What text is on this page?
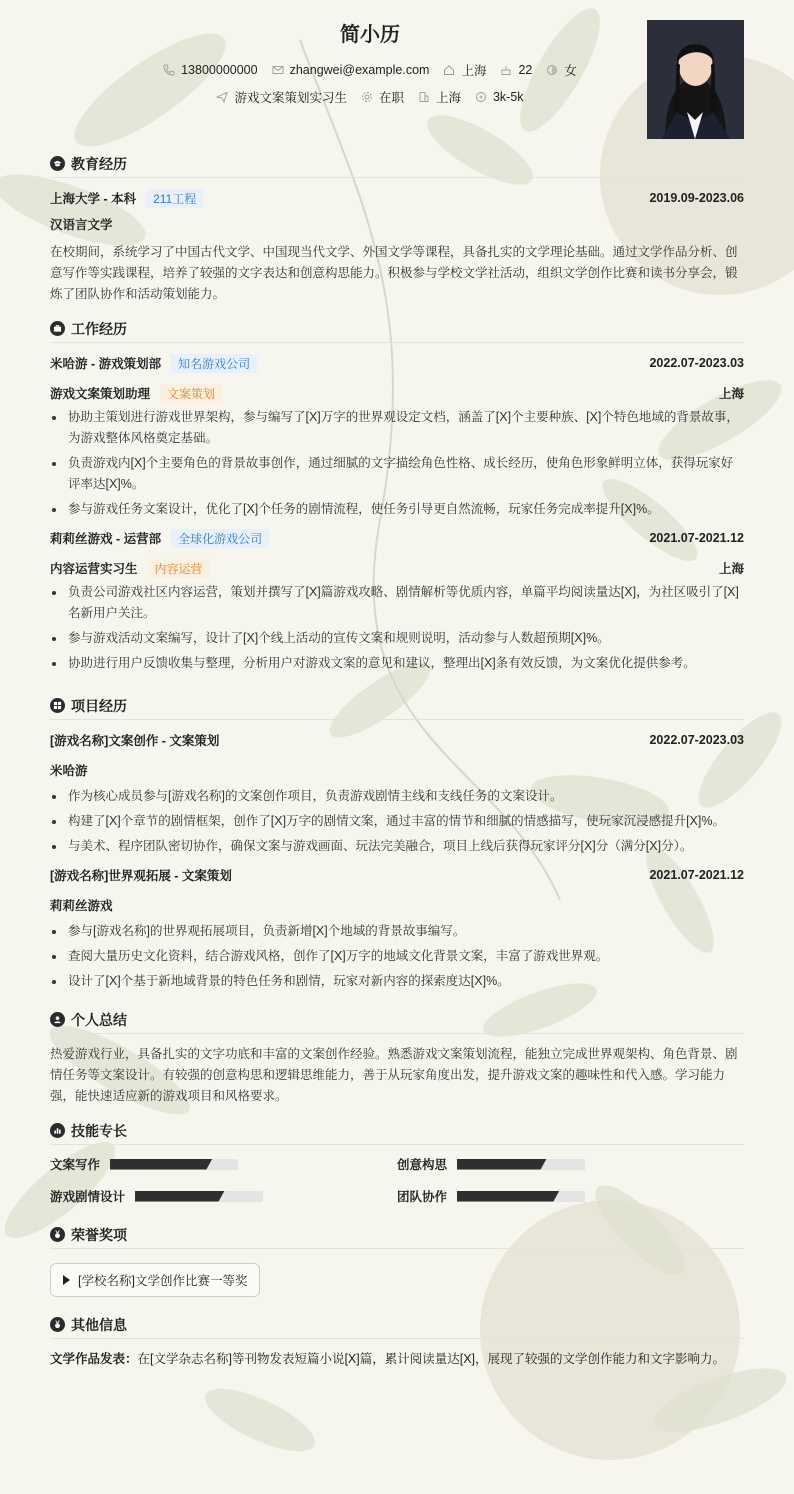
简小历
13800000000	zhangwei@example.com	上海	22	女
游戏文案策划实习生	在职	上海	3k-5k
教育经历
上海大学 - 本科	211工程	2019.09-2023.06
汉语言文学
在校期间，系统学习了中国古代文学、中国现当代文学、外国文学等课程，具备扎实的文学理论基础。通过文学作品分析、创意写作等实践课程，培养了较强的文字表达和创意构思能力。积极参与学校文学社活动，组织文学创作比赛和读书分享会，锻炼了团队协作和活动策划能力。
工作经历
米哈游 - 游戏策划部	知名游戏公司	2022.07-2023.03
游戏文案策划助理	文案策划	上海
协助主策划进行游戏世界架构，参与编写了[X]万字的世界观设定文档，涵盖了[X]个主要种族、[X]个特色地域的背景故事，为游戏整体风格奠定基础。
负责游戏内[X]个主要角色的背景故事创作，通过细腻的文字描绘角色性格、成长经历，使角色形象鲜明立体，获得玩家好评率达[X]%。
参与游戏任务文案设计，优化了[X]个任务的剧情流程，使任务引导更自然流畅，玩家任务完成率提升[X]%。
莉莉丝游戏 - 运营部	全球化游戏公司	2021.07-2021.12
内容运营实习生	内容运营	上海
负责公司游戏社区内容运营，策划并撰写了[X]篇游戏攻略、剧情解析等优质内容，单篇平均阅读量达[X]，为社区吸引了[X]名新用户关注。
参与游戏活动文案编写，设计了[X]个线上活动的宣传文案和规则说明，活动参与人数超预期[X]%。
协助进行用户反馈收集与整理，分析用户对游戏文案的意见和建议，整理出[X]条有效反馈，为文案优化提供参考。
项目经历
[游戏名称]文案创作 - 文案策划	2022.07-2023.03
米哈游
作为核心成员参与[游戏名称]的文案创作项目，负责游戏剧情主线和支线任务的文案设计。
构建了[X]个章节的剧情框架，创作了[X]万字的剧情文案，通过丰富的情节和细腻的情感描写，使玩家沉浸感提升[X]%。
与美术、程序团队密切协作，确保文案与游戏画面、玩法完美融合，项目上线后获得玩家评分[X]分（满分[X]分）。
[游戏名称]世界观拓展 - 文案策划	2021.07-2021.12
莉莉丝游戏
参与[游戏名称]的世界观拓展项目，负责新增[X]个地域的背景故事编写。
查阅大量历史文化资料，结合游戏风格，创作了[X]万字的地域文化背景文案，丰富了游戏世界观。
设计了[X]个基于新地域背景的特色任务和剧情，玩家对新内容的探索度达[X]%。
个人总结
热爱游戏行业，具备扎实的文字功底和丰富的文案创作经验。熟悉游戏文案策划流程，能独立完成世界观架构、角色背景、剧情任务等文案设计。有较强的创意构思和逻辑思维能力，善于从玩家角度出发，提升游戏文案的趣味性和代入感。学习能力强，能快速适应新的游戏项目和风格要求。
技能专长
文案写作	创意构思
游戏剧情设计	团队协作
荣誉奖项
[学校名称]文学创作比赛一等奖
其他信息
文学作品发表：在[文学杂志名称]等刊物发表短篇小说[X]篇，累计阅读量达[X]，展现了较强的文学创作能力和文字影响力。
